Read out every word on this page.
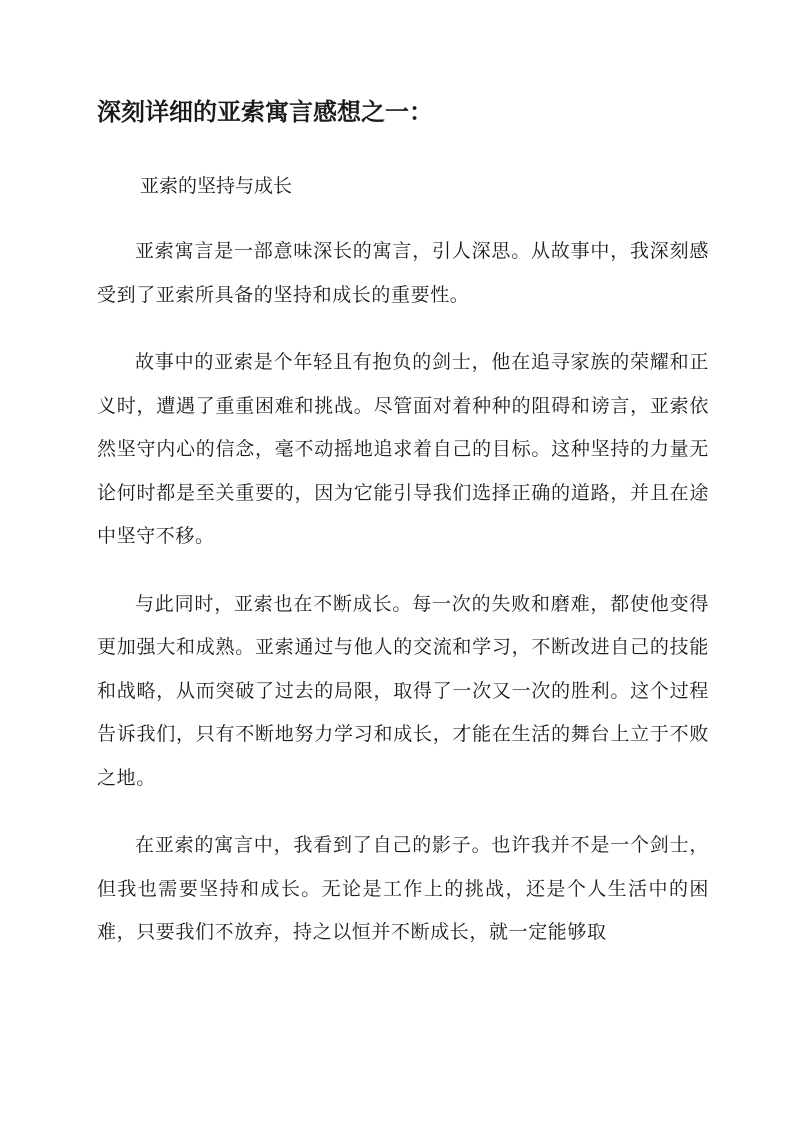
深刻详细的亚索寓言感想之一：
亚索的坚持与成长

亚索寓言是一部意味深长的寓言，引人深思。从故事中，我深刻感受到了亚索所具备的坚持和成长的重要性。

故事中的亚索是个年轻且有抱负的剑士，他在追寻家族的荣耀和正义时，遭遇了重重困难和挑战。尽管面对着种种的阻碍和谤言，亚索依然坚守内心的信念，毫不动摇地追求着自己的目标。这种坚持的力量无论何时都是至关重要的，因为它能引导我们选择正确的道路，并且在途中坚守不移。

与此同时，亚索也在不断成长。每一次的失败和磨难，都使他变得更加强大和成熟。亚索通过与他人的交流和学习，不断改进自己的技能和战略，从而突破了过去的局限，取得了一次又一次的胜利。这个过程告诉我们，只有不断地努力学习和成长，才能在生活的舞台上立于不败之地。

在亚索的寓言中，我看到了自己的影子。也许我并不是一个剑士，但我也需要坚持和成长。无论是工作上的挑战，还是个人生活中的困难，只要我们不放弃，持之以恒并不断成长，就一定能够取
